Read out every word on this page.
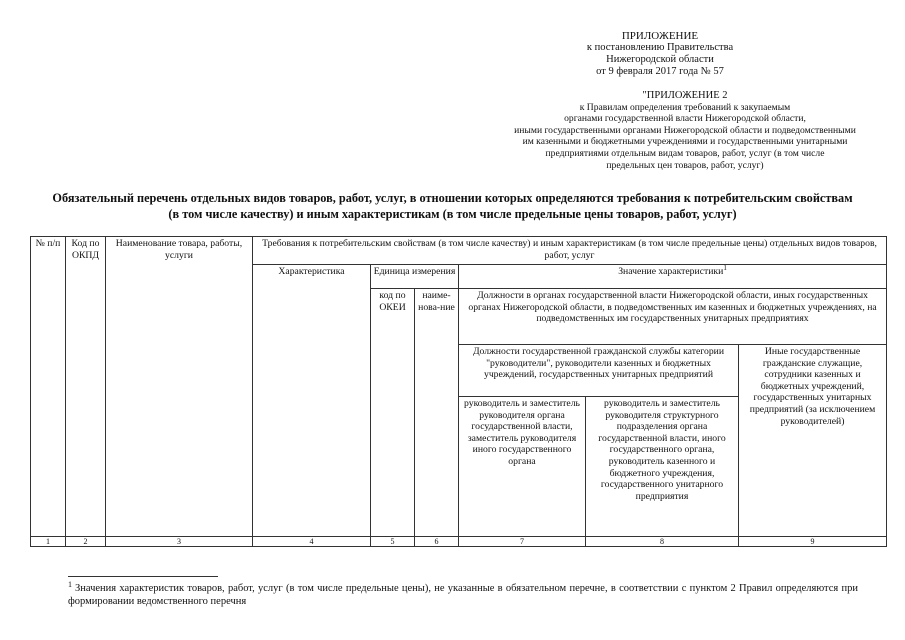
ПРИЛОЖЕНИЕ
к постановлению Правительства
Нижегородской области
от 9 февраля 2017 года № 57
"ПРИЛОЖЕНИЕ 2
к Правилам определения требований к закупаемым
органами государственной власти Нижегородской области,
иными государственными органами Нижегородской области и подведомственными
им казенными и бюджетными учреждениями и государственными унитарными
предприятиями отдельным видам товаров, работ, услуг (в том числе
предельных цен товаров, работ, услуг)
Обязательный перечень отдельных видов товаров, работ, услуг, в отношении которых определяются требования к потребительским свойствам
(в том числе качеству) и иным характеристикам (в том числе предельные цены товаров, работ, услуг)
№ п/п	Код по ОКПД	Наименование товара, работы, услуги	Требования к потребительским свойствам (в том числе качеству) и иным характеристикам (в том числе предельные цены) отдельных видов товаров, работ, услуг					
			Характеристика	Единица измерения		Значение характеристики$^1$
				код по ОКЕИ	наиме-нова-ние	Должности в органах государственной власти Нижегородской области, иных государственных органах Нижегородской области, в подведомственных им казенных и бюджетных учреждениях, на подведомственных им государственных унитарных предприятиях		
						Должности государственной гражданской службы категории "руководители", руководители казенных и бюджетных учреждений, государственных унитарных предприятий		Иные государственные гражданские служащие, сотрудники казенных и бюджетных учреждений, государственных унитарных предприятий (за исключением руководителей)
						руководитель и заместитель руководителя органа государственной власти, заместитель руководителя иного государственного органа	руководитель и заместитель руководителя структурного подразделения органа государственной власти, иного государственного органа, руководитель казенного и бюджетного учреждения, государственного унитарного предприятия	
1	2	3	4	5	6	7	8	9
$^1$ Значения характеристик товаров, работ, услуг (в том числе предельные цены), не указанные в обязательном перечне, в соответствии с пунктом 2 Правил определяются при формировании ведомственного перечня
